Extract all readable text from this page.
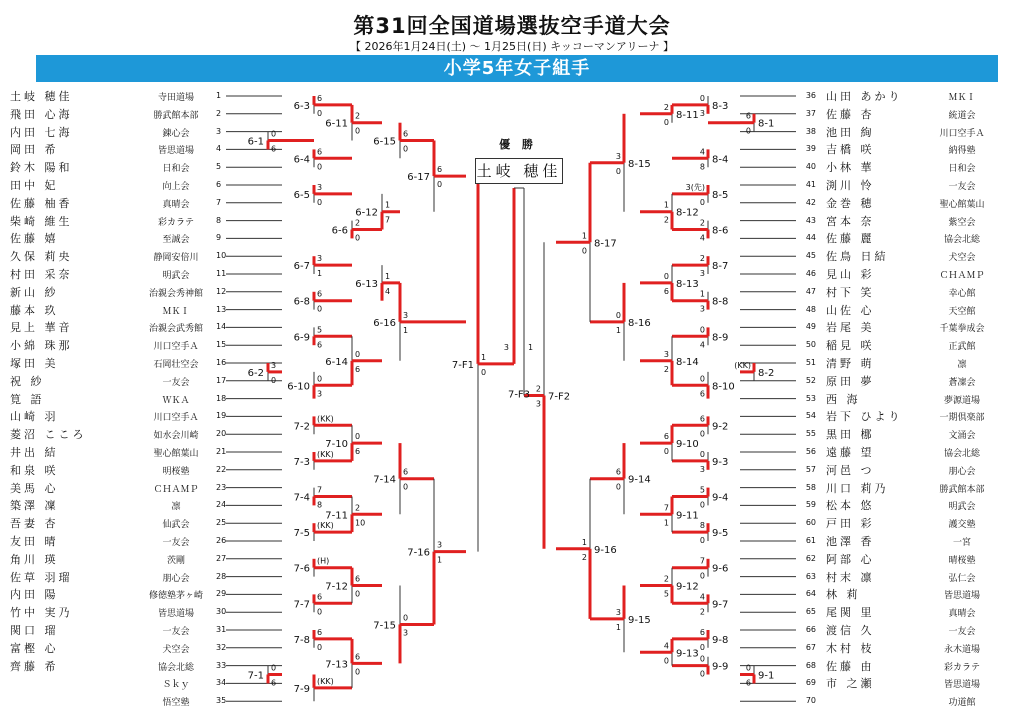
第31回全国道場選抜空手道大会
【 2026年1月24日(土) ～ 1月25日(日) キッコーマンアリーナ 】
小学5年女子組手
土岐 穂佳	寺田道場	1
飛田 心海	勝武館本部	2
内田 七海	錬心会	3
岡田 希	皆思道場	4
鈴木 陽和	日和会	5
田中 妃	向上会	6
佐藤 柚香	真晴会	7
柴崎 維生	彩カラテ	8
佐藤 嬉	至誠会	9
久保 莉央	静岡安倍川	10
村田 采奈	明武会	11
新山 紗	治親会秀神館	12
藤本 玖	ＭＫＩ	13
見上 華音	治親会武秀館	14
小綿 珠那	川口空手Ａ	15
塚田 美	石岡壮空会	16
祝 紗	一友会	17
筧 語	ＷＫＡ	18
山崎 羽	川口空手Ａ	19
菱沼 こころ	如水会川崎	20
井出 結	聖心館葉山	21
和泉 咲	明桜塾	22
美馬 心	ＣＨＡＭＰ	23
築澤 凜	凛	24
吾妻 杏	仙武会	25
友田 晴	一友会	26
角川 瑛	茨剛	27
佐草 羽瑠	朋心会	28
内田 陽	修徳塾茅ヶ崎	29
竹中 実乃	皆思道場	30
関口 瑠	一友会	31
富樫 心	犬空会	32
齊藤 希	協会北総	33
Ｓｋｙ	34
悟空塾	35
36 山田 あかり	ＭＫＩ
37 佐藤 杏	統道会
38 池田 絢	川口空手Ａ
39 吉橋 咲	納得塾
40 小林 華	日和会
41 渕川 怜	一友会
42 金巻 穂	聖心館葉山
43 宮本 奈	紫空会
44 佐藤 麗	協会北総
45 佐鳥 日結	犬空会
46 見山 彩	ＣＨＡＭＰ
47 村下 笑	幸心館
48 山佐 心	天空館
49 岩尾 美	千葉拳成会
50 稲見 咲	正武館
51 清野 萌	凛
52 原田 夢	蒼凜会
53 西 海	夢源道場
54 岩下 ひより	一期倶楽部
55 黒田 梛	文涌会
56 遠藤 望	協会北総
57 河邑 つ	朋心会
58 川口 莉乃	勝武館本部
59 松本 悠	明武会
60 戸田 彩	護交塾
61 池澤 香	一宮
62 阿部 心	晴桜塾
63 村末 凛	弘仁会
64 林 莉	皆思道場
65 尾関 里	真晴会
66 渡信 久	一友会
67 木村 枝	永木道場
68 佐藤 由	彩カラテ
69 市 之瀬	皆思道場
70	功道館
6-3
6
0
6-1
0
6
6-11
2
0
6-4
6
0
6-15
6
0
6-5
3
0
6-6
2
0
6-12
1
7
6-17
6
0
6-7
3
1
6-8
6
0
6-13
1
4
6-9
5
6
6-2
3
0
6-10
0
3
6-14
0
6
6-16
3
1
7-2
(KK)
7-3
(KK)
7-10
0
6
7-4
7
8
7-5
(KK)
7-11
2
10
7-14
6
0
7-6
(H)
7-7
6
0
7-12
6
0
7-8
6
0
7-1
0
6
7-9
(KK)
7-13
6
0
7-15
0
3
7-16
3
1
7-F1
1
0
8-3
0
3
8-1
6
0
8-11
2
0
8-4
4
8
8-5
3(先)
0
8-6
2
4
8-12
1
2
8-15
3
0
8-7
2
3
8-8
1
3
8-13
0
6
8-9
0
4
8-2
(KK)
8-10
0
6
8-14
3
2
8-16
0
1
8-17
1
0
9-2
6
0
9-3
0
3
9-10
6
0
9-4
5
0
9-5
8
0
9-11
7
1
9-14
6
0
9-6
7
0
9-7
4
2
9-12
2
5
9-8
6
0
9-1
0
6
9-9
0
0
9-13
4
0
9-15
3
1
9-16
1
2
7-F2
2
3
7-F3
3 1
優 勝
土岐 穂佳
